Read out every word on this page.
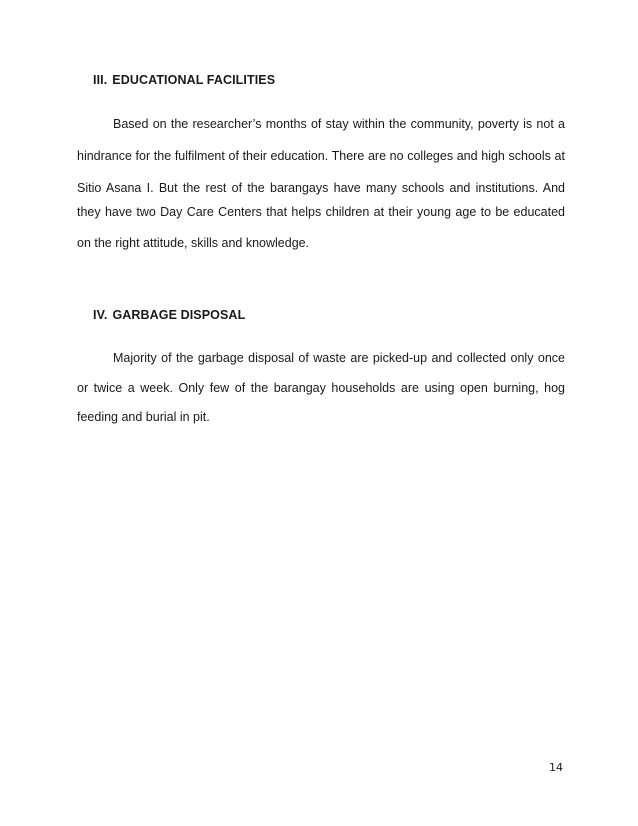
III. EDUCATIONAL FACILITIES
Based on the researcher’s months of stay within the community, poverty is not a
hindrance for the fulfilment of their education. There are no colleges and high schools at
Sitio Asana I. But the rest of the barangays have many schools and institutions. And
they have two Day Care Centers that helps children at their young age to be educated
on the right attitude, skills and knowledge.
IV. GARBAGE DISPOSAL
Majority of the garbage disposal of waste are picked-up and collected only once
or twice a week. Only few of the barangay households are using open burning, hog
feeding and burial in pit.
14
